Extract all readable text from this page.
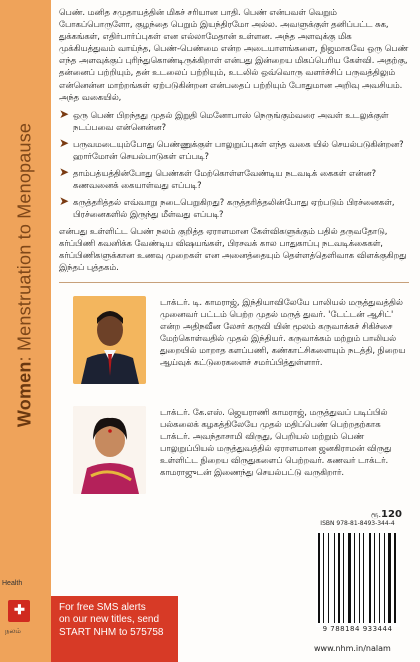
Women: Menstruation to Menopause
Health
✚
நலம்

பெண். மனித சமுதாயத்தின் மிகச் சரியான பாதி. பெண் என்பவள் வெறும் போகப்பொருளோ, குழந்தை பெறும் இயந்திரமோ அல்ல. அவளுக்குள் தனிப்பட்ட சுக, துக்கங்கள், எதிர்பார்ப்புகள் என எல்லாமேதான் உள்ளன. அந்த அளவுக்கு மிக முக்கியத்துவம் வாய்ந்த, பெண்-பெண்மை என்ற அடையாளங்களை, நிஜமாகவே ஒரு பெண் எந்த அளவுக்குப் புரிந்துகொண்டிருக்கிறாள் என்பது இன்றைய மிகப்பெரிய கேள்வி. அதற்கு, தன்னைப் பற்றியும், தன் உடலைப் பற்றியும், உடலில் ஒவ்வொரு வளர்ச்சிப் பருவத்திலும் என்னென்ன மாற்றங்கள் ஏற்படுகின்றன என்பதைப் பற்றியும் போதுமான அறிவு அவசியம். அந்த வகையில்,

➤ ஒரு பெண் பிறந்தது முதல் இறுதி மெனோபாஸ் நெருங்கும்வரை அவள் உடலுக்குள் நடப்பவை என்னென்ன?
➤ பருவமடையும்போது பெண்ணுக்குள் பாலுறுப்புகள் எந்த வகை யில் செயல்படுகின்றன? ஹார்மோன் செயல்பாடுகள் எப்படி?
➤ தாம்பத்யத்தின்போது பெண்கள் மேற்கொள்ளவேண்டிய நடவடிக் கைகள் என்ன? கணவனைக் கையாள்வது எப்படி?
➤ கருத்தரித்தல் எவ்வாறு நடைபெறுகிறது? கருத்தரித்தலின்போது ஏற்படும் பிரச்னைகள், பிரச்னைகளில் இருந்து மீள்வது எப்படி?

என்பது உள்ளிட்ட பெண் நலம் குறித்த ஏராளமான கேள்விகளுக்கும் பதில் தருவதோடு, கர்ப்பிணி கவனிக்க வேண்டிய விஷயங்கள், பிரசவக் கால பாதுகாப்பு நடவடிக்கைகள், கர்ப்பிணிகளுக்கான உணவு முறைகள் என அனைத்தையும் தெள்ளத்தெளிவாக விளக்குகிறது இந்தப் புத்தகம்.

டாக்டர். டி. காமராஜ், இந்தியாவிலேயே பாலியல் மருத்துவத்தில் முனைவர் பட்டம் பெற்ற முதல் மருத் துவர். 'டேட்டன் ஆசிட்' என்ற அதிநவீன லேசர் கருவி யின் மூலம் கருவாக்கச் சிகிச்சை மேற்கொள்வதில் முதல் இந்தியர். கருவாக்கம் மற்றும் பாலியல் துறையில் மாறாத களப்பணி, கண்காட்சிகளையும் நடத்தி, நிறைய ஆய்வுக் கட்டுரைகளைச் சமர்ப்பித்துள்ளார்.

டாக்டர். கே.எஸ். ஜெயராணி காமராஜ், மருத்துவப் படிப்பில் பல்கலைக் கழகத்திலேயே முதல் மதிப்பெண் பெற்றதற்காக டாக்டர். அவந்தாசாமி விருது, பெறியல் மற்றும் பெண் பாலுறுப்பியல் மருத்துவத்தில் ஏராளமான ஜனகிராமன் விருது உள்ளிட்ட நிறைய விருதுகளைப் பெற்றவர். கணவர் டாக்டர். காமராஜுடன் இணைந்து செயல்பட்டு வருகிறார்.

ரூ.120
ISBN 978-81-8493-344-4
9 788184 933444
www.nhm.in/nalam
For free SMS alerts
on our new titles, send
START NHM to 575758
